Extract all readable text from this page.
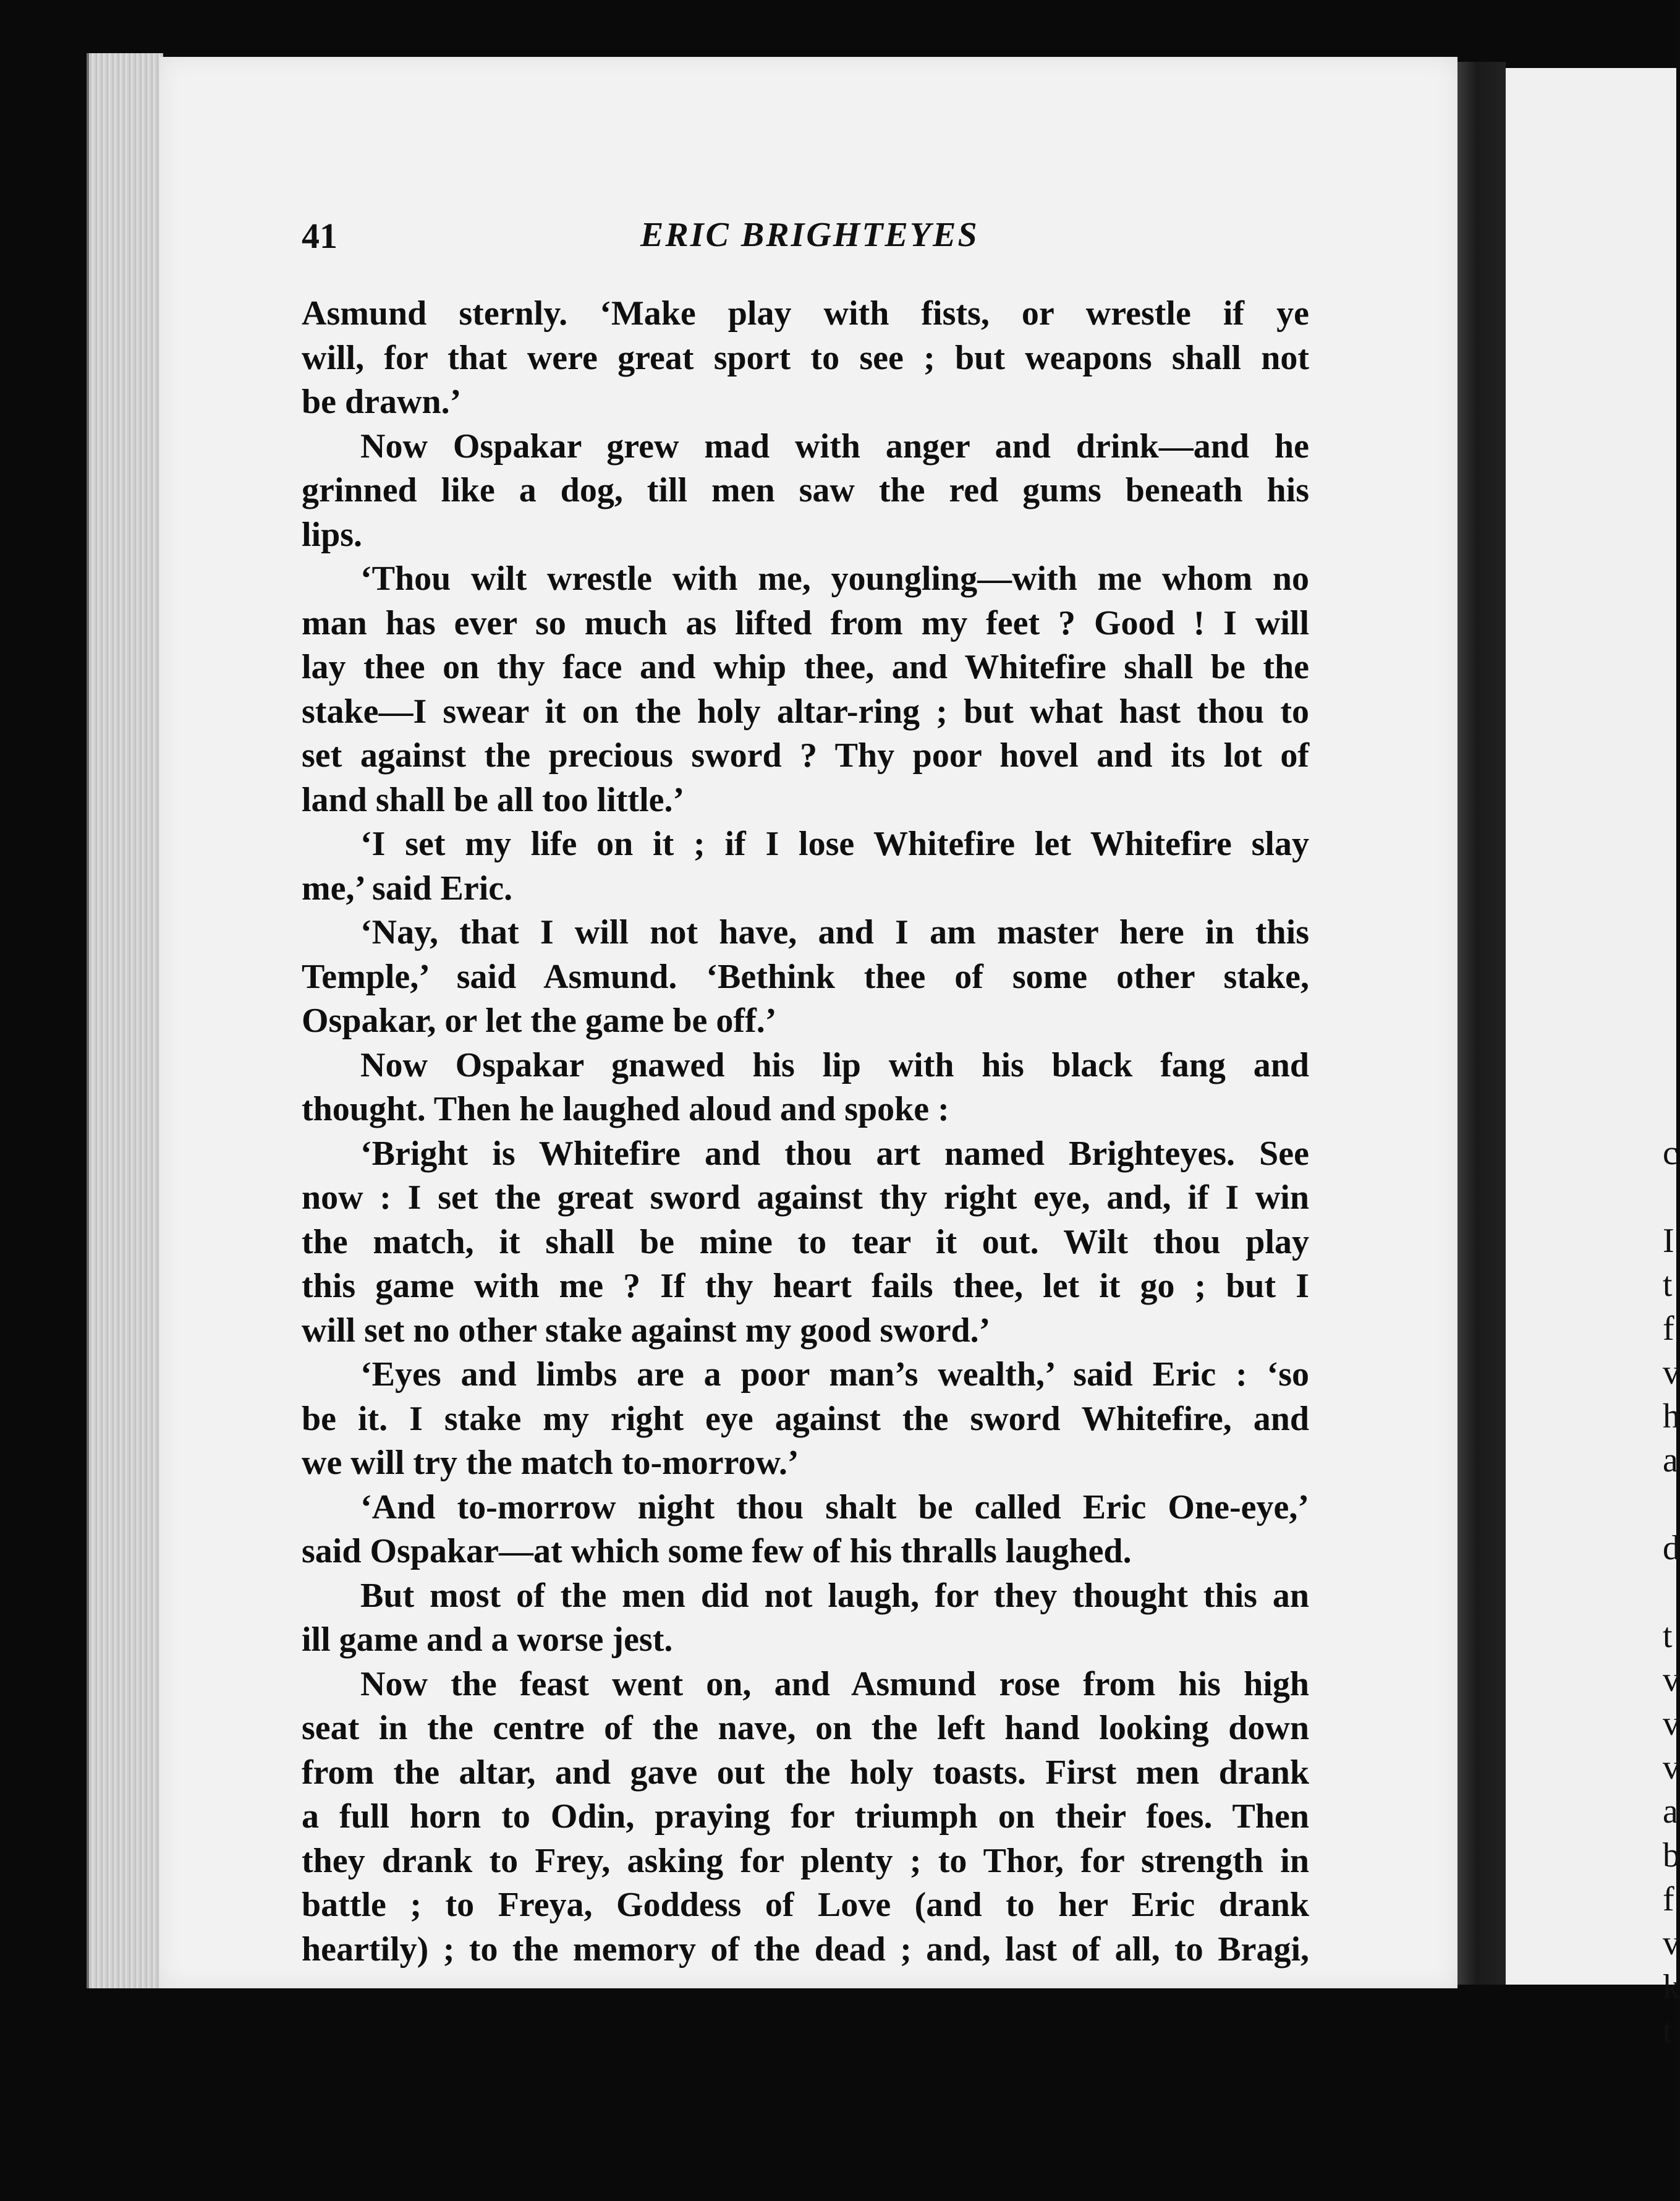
c
I
t
f
v
h
a
d
t
v
v
v
a
b
f
v
k
t
41	ERIC BRIGHTEYES
Asmund sternly. ‘Make play with fists, or wrestle if ye
will, for that were great sport to see ; but weapons shall not
be drawn.’
Now Ospakar grew mad with anger and drink—and he
grinned like a dog, till men saw the red gums beneath his
lips.
‘Thou wilt wrestle with me, youngling—with me whom no
man has ever so much as lifted from my feet ? Good ! I will
lay thee on thy face and whip thee, and Whitefire shall be the
stake—I swear it on the holy altar-ring ; but what hast thou to
set against the precious sword ? Thy poor hovel and its lot of
land shall be all too little.’
‘I set my life on it ; if I lose Whitefire let Whitefire slay
me,’ said Eric.
‘Nay, that I will not have, and I am master here in this
Temple,’ said Asmund. ‘Bethink thee of some other stake,
Ospakar, or let the game be off.’
Now Ospakar gnawed his lip with his black fang and
thought. Then he laughed aloud and spoke :
‘Bright is Whitefire and thou art named Brighteyes. See
now : I set the great sword against thy right eye, and, if I win
the match, it shall be mine to tear it out. Wilt thou play
this game with me ? If thy heart fails thee, let it go ; but I
will set no other stake against my good sword.’
‘Eyes and limbs are a poor man’s wealth,’ said Eric : ‘so
be it. I stake my right eye against the sword Whitefire, and
we will try the match to-morrow.’
‘And to-morrow night thou shalt be called Eric One-eye,’
said Ospakar—at which some few of his thralls laughed.
But most of the men did not laugh, for they thought this an
ill game and a worse jest.
Now the feast went on, and Asmund rose from his high
seat in the centre of the nave, on the left hand looking down
from the altar, and gave out the holy toasts. First men drank
a full horn to Odin, praying for triumph on their foes. Then
they drank to Frey, asking for plenty ; to Thor, for strength in
battle ; to Freya, Goddess of Love (and to her Eric drank
heartily) ; to the memory of the dead ; and, last of all, to Bragi,
